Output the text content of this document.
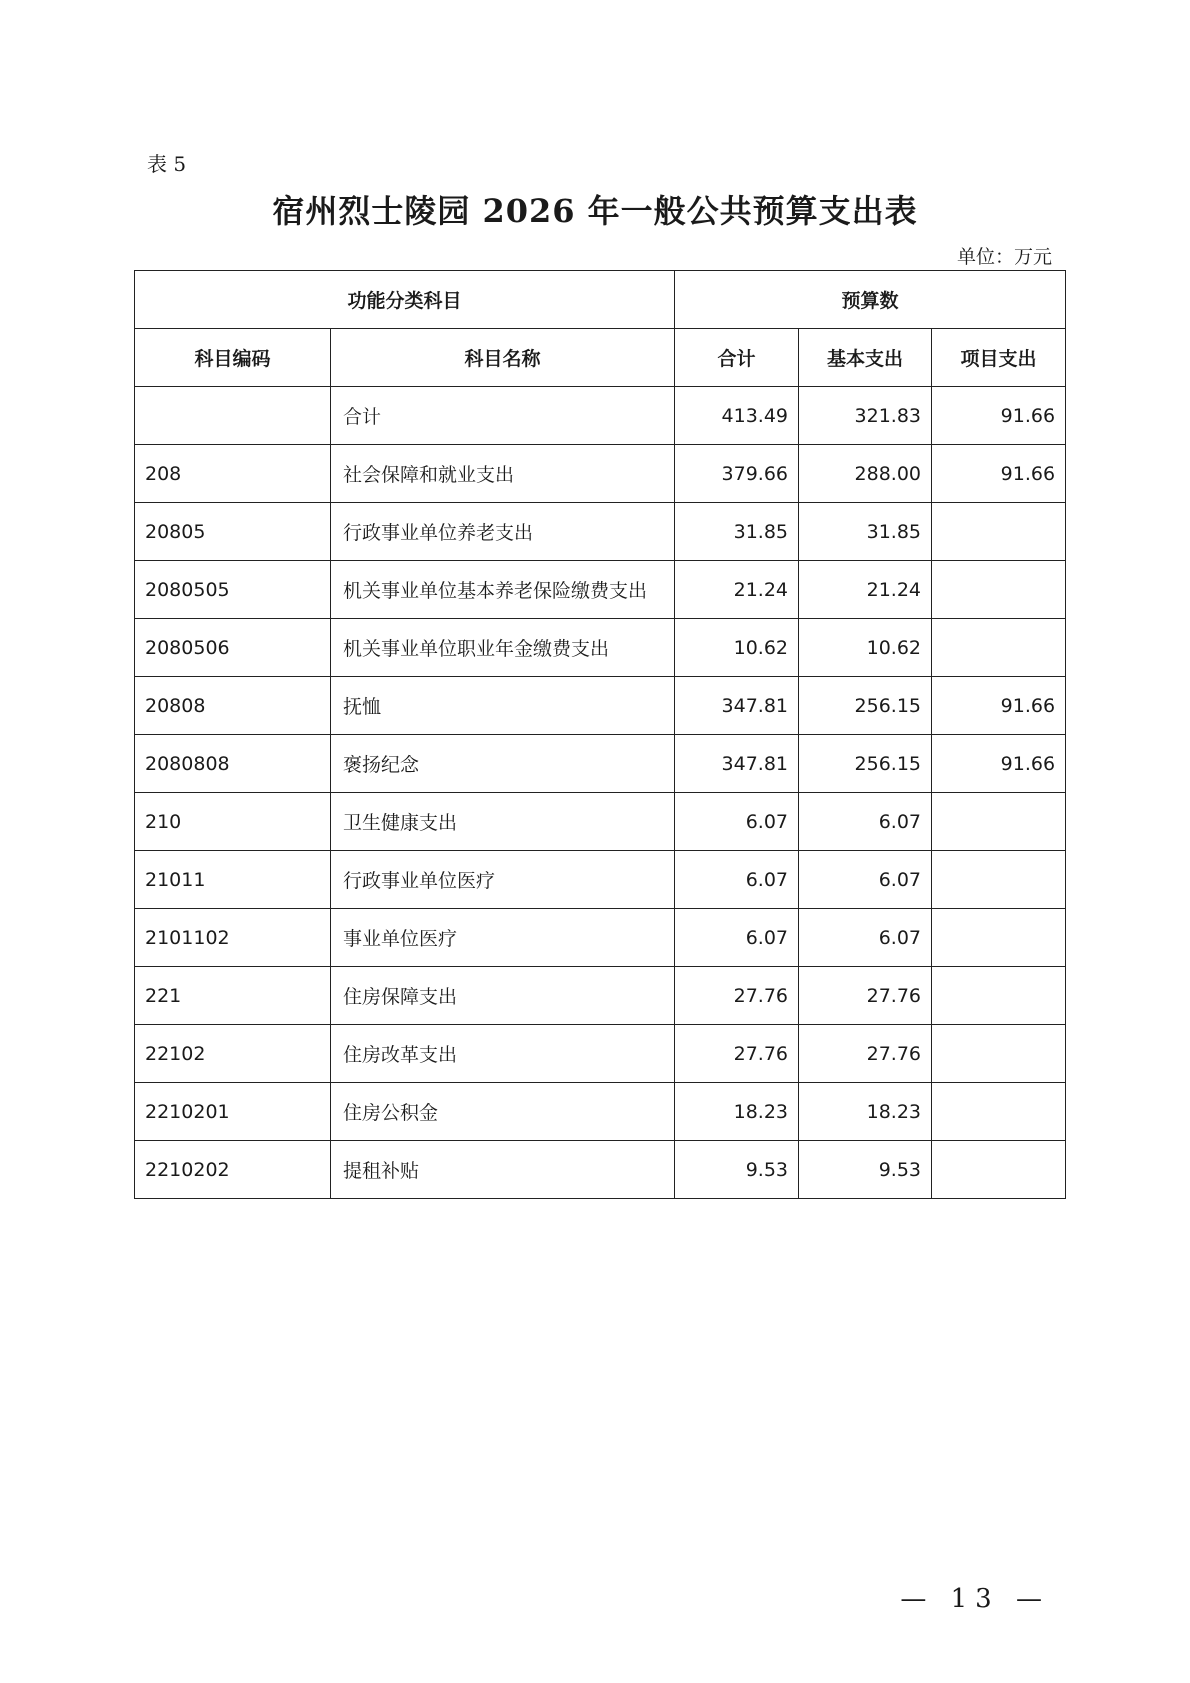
表 5
宿州烈士陵园 2026 年一般公共预算支出表
单位：万元
功能分类科目		预算数		
科目编码	科目名称	合计	基本支出	项目支出
	合计	413.49	321.83	91.66
208	社会保障和就业支出	379.66	288.00	91.66
20805	行政事业单位养老支出	31.85	31.85	
2080505	机关事业单位基本养老保险缴费支出	21.24	21.24	
2080506	机关事业单位职业年金缴费支出	10.62	10.62	
20808	抚恤	347.81	256.15	91.66
2080808	褒扬纪念	347.81	256.15	91.66
210	卫生健康支出	6.07	6.07	
21011	行政事业单位医疗	6.07	6.07	
2101102	事业单位医疗	6.07	6.07	
221	住房保障支出	27.76	27.76	
22102	住房改革支出	27.76	27.76	
2210201	住房公积金	18.23	18.23	
2210202	提租补贴	9.53	9.53	
— 13 —
